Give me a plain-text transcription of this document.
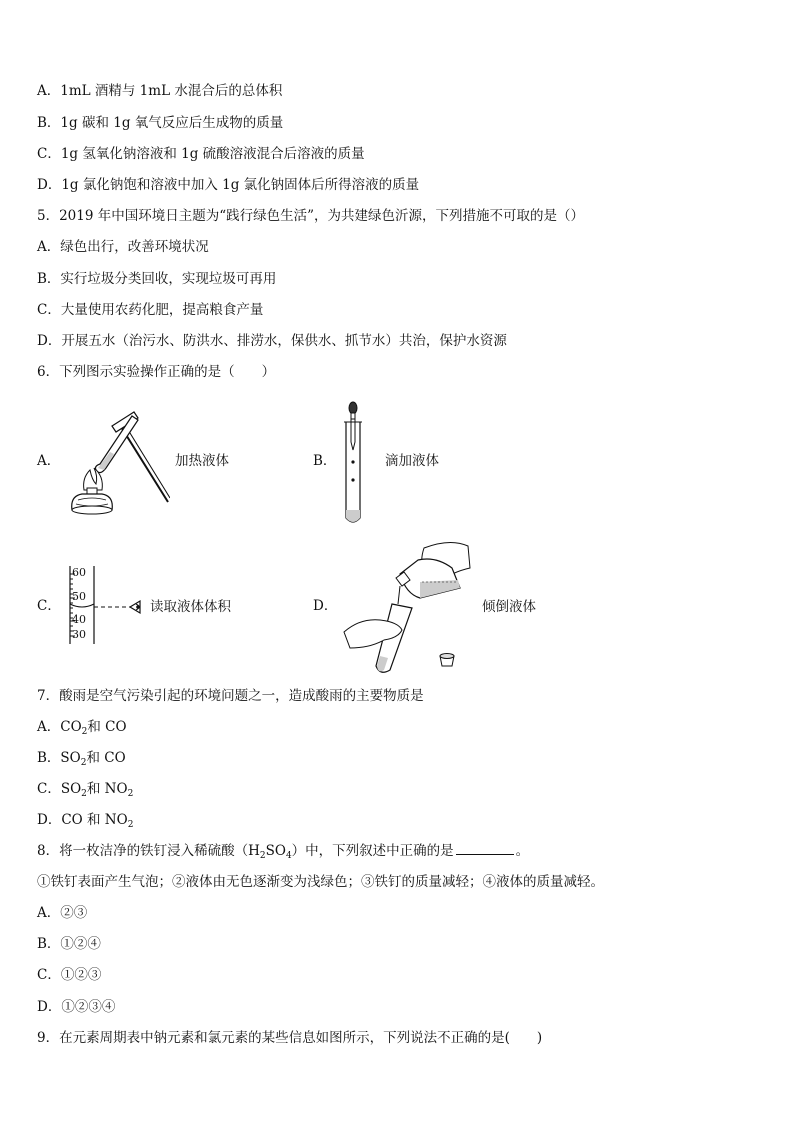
A．1mL 酒精与 1mL 水混合后的总体积
B．1g 碳和 1g 氧气反应后生成物的质量
C．1g 氢氧化钠溶液和 1g 硫酸溶液混合后溶液的质量
D．1g 氯化钠饱和溶液中加入 1g 氯化钠固体后所得溶液的质量
5．2019 年中国环境日主题为“践行绿色生活”，为共建绿色沂源，下列措施不可取的是（）
A．绿色出行，改善环境状况
B．实行垃圾分类回收，实现垃圾可再用
C．大量使用农药化肥，提高粮食产量
D．开展五水（治污水、防洪水、排涝水，保供水、抓节水）共治，保护水资源
6．下列图示实验操作正确的是（　　）
A．	加热液体	B．	滴加液体
C．
60
50
40
30
读取液体体积	D．	倾倒液体
7．酸雨是空气污染引起的环境问题之一，造成酸雨的主要物质是
A．$CO_2$和 CO
B．$SO_2$和 CO
C．$SO_2$和 $NO_2$
D．CO 和 $NO_2$
8．将一枚洁净的铁钉浸入稀硫酸$(H_2SO_4)$中，下列叙述中正确的是	。
①铁钉表面产生气泡；②液体由无色逐渐变为浅绿色；③铁钉的质量减轻；④液体的质量减轻。
A．②③
B．①②④
C．①②③
D．①②③④
9．在元素周期表中钠元素和氯元素的某些信息如图所示，下列说法不正确的是(　　)
